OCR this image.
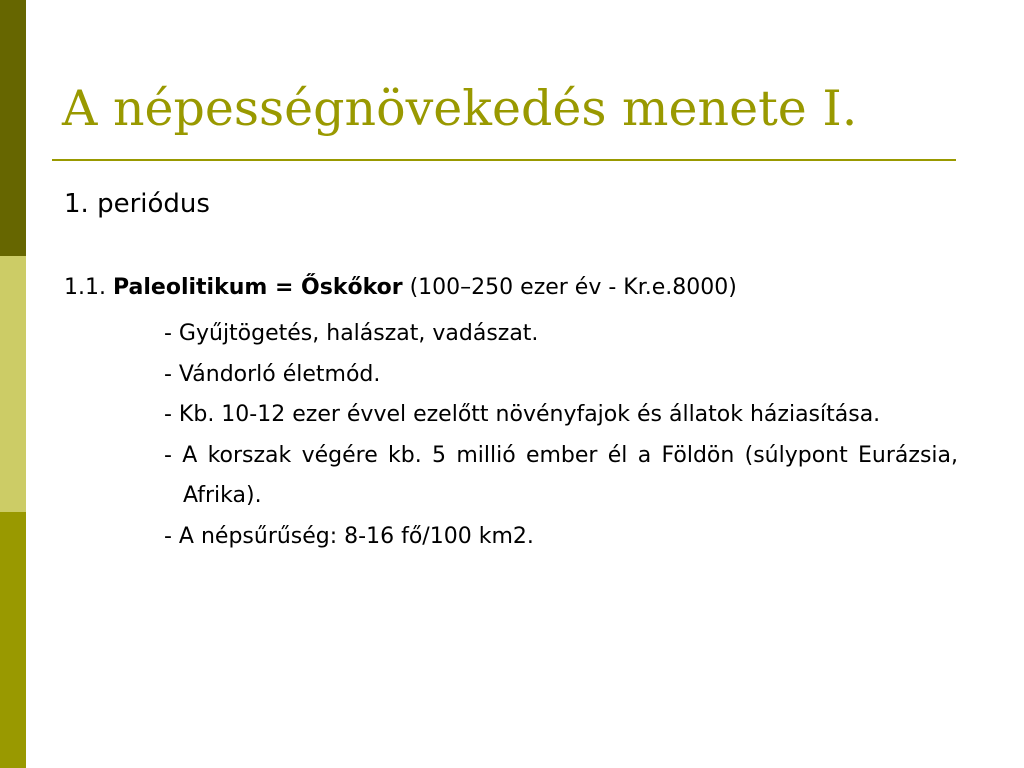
A népességnövekedés menete I.
1. periódus
1.1. Paleolitikum = Őskőkor (100–250 ezer év - Kr.e.8000)
- Gyűjtögetés, halászat, vadászat.
- Vándorló életmód.
- Kb. 10-12 ezer évvel ezelőtt növényfajok és állatok háziasítása.
- A korszak végére kb. 5 millió ember él a Földön (súlypont Eurázsia, Afrika).
- A népsűrűség: 8-16 fő/100 km2.
